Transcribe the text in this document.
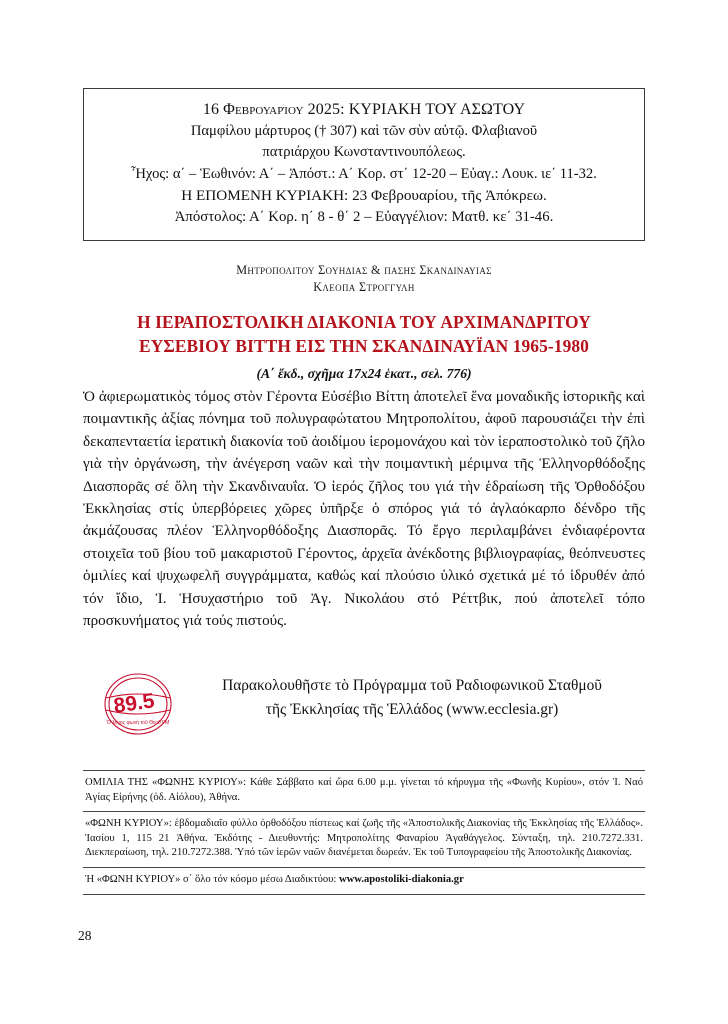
16 Φεβρουαρίου 2025: ΚΥΡΙΑΚΗ ΤΟΥ ΑΣΩΤΟΥ
Παμφίλου μάρτυρος († 307) καὶ τῶν σὺν αὐτῷ. Φλαβιανοῦ
πατριάρχου Κωνσταντινουπόλεως.
Ἦχος: α΄ – Ἑωθινόν: Α΄ – Ἀπόστ.: Α΄ Κορ. στ΄ 12-20 – Εὐαγ.: Λουκ. ιε΄ 11-32.
Η ΕΠΟΜΕΝΗ ΚΥΡΙΑΚΗ: 23 Φεβρουαρίου, τῆς Ἀπόκρεω.
Ἀπόστολος: Α΄ Κορ. η΄ 8 - θ΄ 2 – Εὐαγγέλιον: Ματθ. κε΄ 31-46.
Μητροπολιτου Σουηδιας & πασης Σκανδιναυιας
Κλεοπα Στρογγυλη
Η ΙΕΡΑΠΟΣΤΟΛΙΚΗ ΔΙΑΚΟΝΙΑ ΤΟΥ ΑΡΧΙΜΑΝΔΡΙΤΟΥ
ΕΥΣΕΒΙΟΥ ΒΙΤΤΗ ΕΙΣ ΤΗΝ ΣΚΑΝΔΙΝΑΥΪΑΝ 1965-1980
(Α΄ ἔκδ., σχῆμα 17x24 ἑκατ., σελ. 776)

Ὁ ἀφιερωματικὸς τόμος στὸν Γέροντα Εὐσέβιο Βίττη ἀποτελεῖ ἕνα μοναδικῆς ἱστορικῆς καὶ ποιμαντικῆς ἀξίας πόνημα τοῦ πολυγραφώτατου Μητροπολίτου, ἀφοῦ παρουσιάζει τὴν ἐπὶ δεκαπενταετία ἱερατικὴ διακονία τοῦ ἀοιδίμου ἱερομονάχου καὶ τὸν ἱεραποστολικὸ τοῦ ζῆλο γιὰ τὴν ὀργάνωση, τὴν ἀνέγερση ναῶν καὶ τὴν ποιμαντικὴ μέριμνα τῆς Ἑλληνορθόδοξης Διασπορᾶς σέ ὅλη τὴν Σκανδιναυΐα. Ὁ ἱερός ζῆλος του γιά τὴν ἑδραίωση τῆς Ὀρθοδόξου Ἐκκλησίας στίς ὑπερβόρειες χῶρες ὑπῆρξε ὁ σπόρος γιά τό ἀγλαόκαρπο δένδρο τῆς ἀκμάζουσας πλέον Ἑλληνορθόδοξης Διασπορᾶς. Τό ἔργο περιλαμβάνει ἐνδιαφέροντα στοιχεῖα τοῦ βίου τοῦ μακαριστοῦ Γέροντος, ἀρχεῖα ἀνέκδοτης βιβλιογραφίας, θεόπνευστες ὁμιλίες καί ψυχωφελῆ συγγράμματα, καθώς καί πλούσιο ὑλικό σχετικά μέ τό ἱδρυθέν ἀπό τόν ἴδιο, Ἱ. Ἡσυχαστήριο τοῦ Ἁγ. Νικολάου στό Ρέττβικ, πού ἀποτελεῖ τόπο προσκυνήματος γιά τούς πιστούς.

89.5
Ὁ λόγος φωνὴ τοῦ Θεοῦ FM
Παρακολουθῆστε τὸ Πρόγραμμα τοῦ Ραδιοφωνικοῦ Σταθμοῦ
τῆς Ἐκκλησίας τῆς Ἑλλάδος (www.ecclesia.gr)
ΟΜΙΛΙΑ ΤΗΣ «ΦΩΝΗΣ ΚΥΡΙΟΥ»: Κάθε Σάββατο καί ὥρα 6.00 μ.μ. γίνεται τό κήρυγμα τῆς «Φωνῆς Κυρίου», στόν Ἱ. Ναό Ἁγίας Εἰρήνης (ὁδ. Αἰόλου), Ἀθήνα.
«ΦΩΝΗ ΚΥΡΙΟΥ»: ἑβδομαδιαῖο φύλλο ὀρθοδόξου πίστεως καί ζωῆς τῆς «Ἀποστολικῆς Διακονίας τῆς Ἐκκλησίας τῆς Ἑλλάδος». Ἰασίου 1, 115 21 Ἀθήνα. Ἐκδότης - Διευθυντής: Μητροπολίτης Φαναρίου Ἀγαθάγγελος. Σύνταξη, τηλ. 210.7272.331. Διεκπεραίωση, τηλ. 210.7272.388. Ὑπό τῶν ἱερῶν ναῶν διανέμεται δωρεάν. Ἐκ τοῦ Τυπογραφείου τῆς Ἀποστολικῆς Διακονίας.
Ἡ «ΦΩΝΗ ΚΥΡΙΟΥ» σ΄ ὅλο τόν κόσμο μέσω Διαδικτύου: www.apostoliki-diakonia.gr
28
